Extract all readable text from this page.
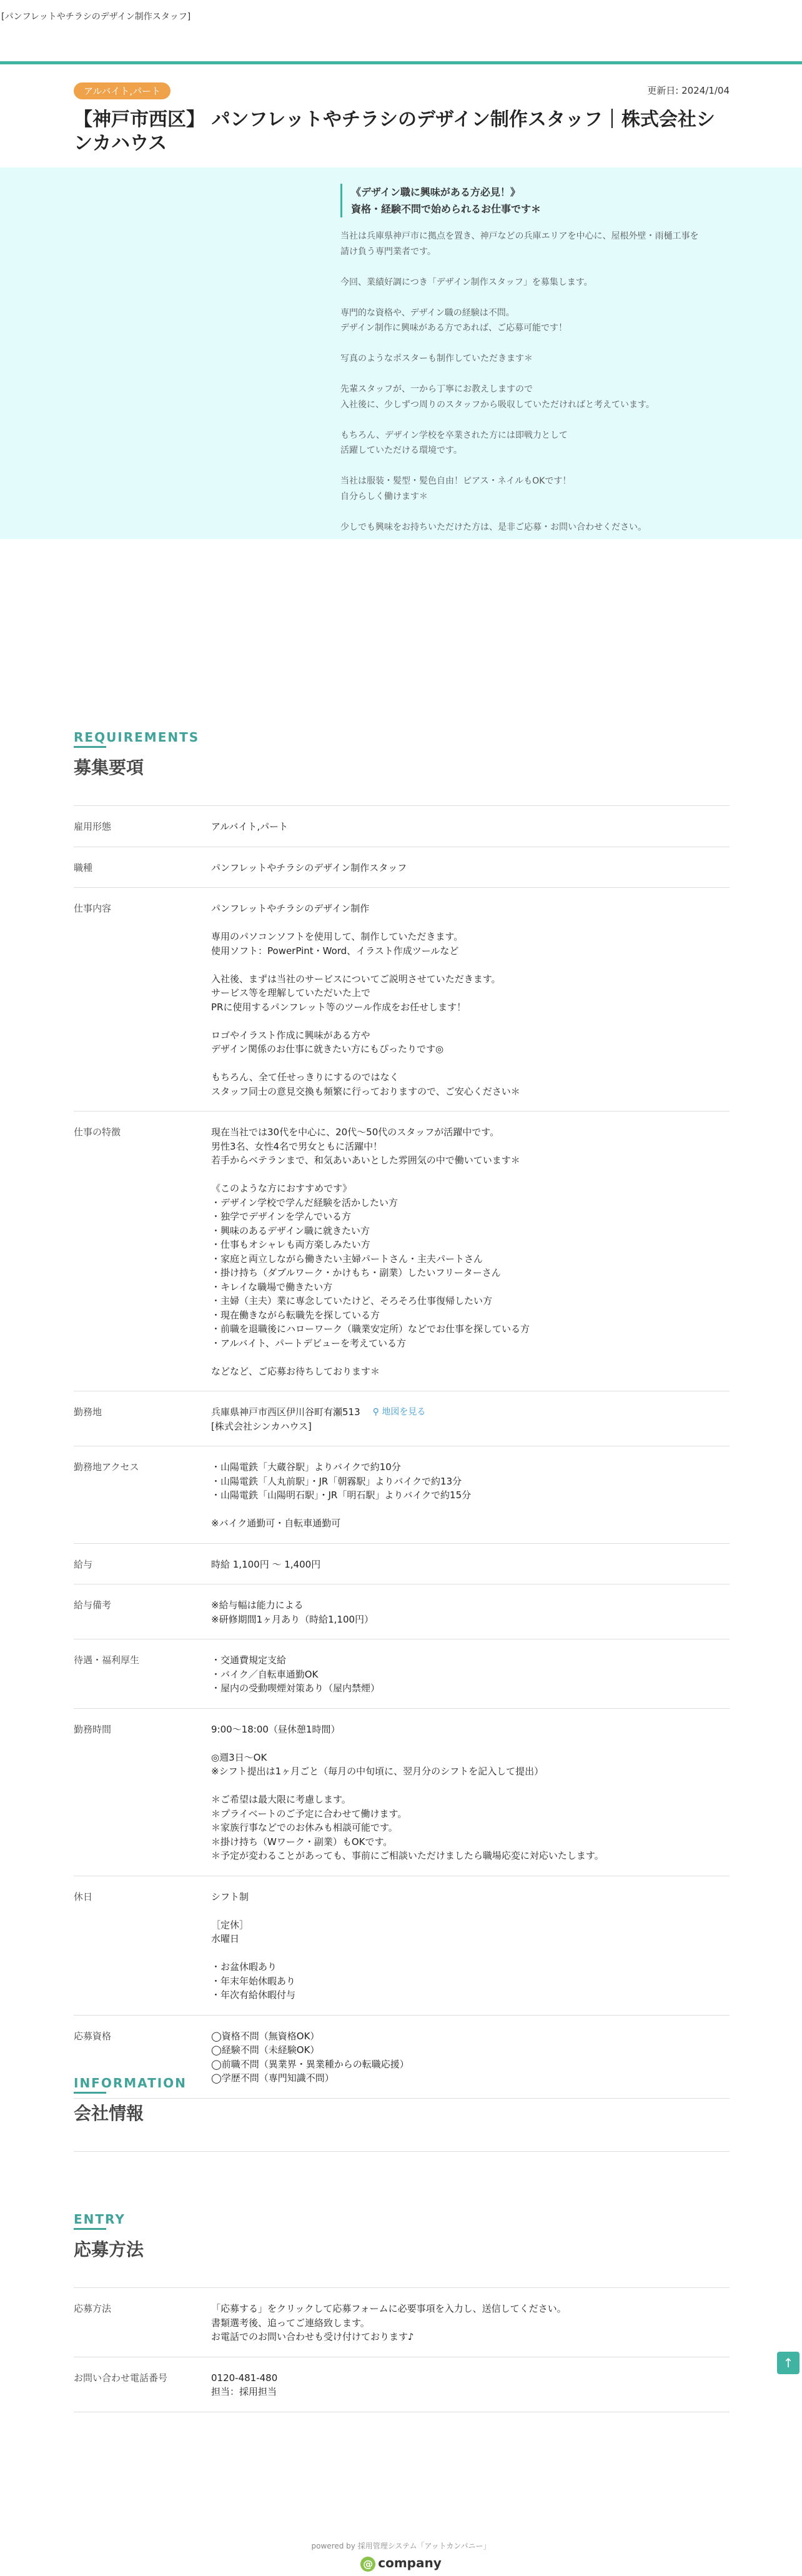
[パンフレットやチラシのデザイン制作スタッフ]
アルバイト,パート	更新日: 2024/1/04
【神戸市西区】 パンフレットやチラシのデザイン制作スタッフ｜株式会社シンカハウス
《デザイン職に興味がある方必見！》
資格・経験不問で始められるお仕事です＊
当社は兵庫県神戸市に拠点を置き、神戸などの兵庫エリアを中心に、屋根外壁・雨樋工事を
請け負う専門業者です。

今回、業績好調につき「デザイン制作スタッフ」を募集します。

専門的な資格や、デザイン職の経験は不問。
デザイン制作に興味がある方であれば、ご応募可能です！

写真のようなポスターも制作していただきます＊

先輩スタッフが、一から丁寧にお教えしますので
入社後に、少しずつ周りのスタッフから吸収していただければと考えています。

もちろん、デザイン学校を卒業された方には即戦力として
活躍していただける環境です。

当社は服装・髪型・髪色自由！ピアス・ネイルもOKです！
自分らしく働けます＊

少しでも興味をお持ちいただけた方は、是非ご応募・お問い合わせください。
REQUIREMENTS
募集要項
雇用形態	アルバイト,パート
職種	パンフレットやチラシのデザイン制作スタッフ
仕事内容	パンフレットやチラシのデザイン制作

専用のパソコンソフトを使用して、制作していただきます。
使用ソフト：PowerPint・Word、イラスト作成ツールなど

入社後、まずは当社のサービスについてご説明させていただきます。
サービス等を理解していただいた上で
PRに使用するパンフレット等のツール作成をお任せします！

ロゴやイラスト作成に興味がある方や
デザイン関係のお仕事に就きたい方にもぴったりです◎

もちろん、全て任せっきりにするのではなく
スタッフ同士の意見交換も頻繁に行っておりますので、ご安心ください＊
仕事の特徴	現在当社では30代を中心に、20代〜50代のスタッフが活躍中です。
男性3名、女性4名で男女ともに活躍中！
若手からベテランまで、和気あいあいとした雰囲気の中で働いています＊

《このような方におすすめです》
・デザイン学校で学んだ経験を活かしたい方
・独学でデザインを学んでいる方
・興味のあるデザイン職に就きたい方
・仕事もオシャレも両方楽しみたい方
・家庭と両立しながら働きたい主婦パートさん・主夫パートさん
・掛け持ち（ダブルワーク・かけもち・副業）したいフリーターさん
・キレイな職場で働きたい方
・主婦（主夫）業に専念していたけど、そろそろ仕事復帰したい方
・現在働きながら転職先を探している方
・前職を退職後にハローワーク（職業安定所）などでお仕事を探している方
・アルバイト、パートデビューを考えている方

などなど、ご応募お待ちしております＊
勤務地	兵庫県神戸市西区伊川谷町有瀬513
[株式会社シンカハウス]
⚲ 地図を見る
勤務地アクセス	・山陽電鉄「大蔵谷駅」よりバイクで約10分
・山陽電鉄「人丸前駅」・JR「朝霧駅」よりバイクで約13分
・山陽電鉄「山陽明石駅」・JR「明石駅」よりバイクで約15分

※バイク通勤可・自転車通勤可
給与	時給 1,100円 〜 1,400円
給与備考	※給与幅は能力による
※研修期間1ヶ月あり（時給1,100円）
待遇・福利厚生	・交通費規定支給
・バイク／自転車通勤OK
・屋内の受動喫煙対策あり（屋内禁煙）
勤務時間	9:00〜18:00（昼休憩1時間）

◎週3日〜OK
※シフト提出は1ヶ月ごと（毎月の中旬頃に、翌月分のシフトを記入して提出）

＊ご希望は最大限に考慮します。
＊プライベートのご予定に合わせて働けます。
＊家族行事などでのお休みも相談可能です。
＊掛け持ち（Wワーク・副業）もOKです。
＊予定が変わることがあっても、事前にご相談いただけましたら職場応変に対応いたします。
休日	シフト制

［定休］
水曜日

・お盆休暇あり
・年末年始休暇あり
・年次有給休暇付与
応募資格	◯資格不問（無資格OK）
◯経験不問（未経験OK）
◯前職不問（異業界・異業種からの転職応援）
◯学歴不問（専門知識不問）
INFORMATION
会社情報
ENTRY
応募方法
応募方法	「応募する」をクリックして応募フォームに必要事項を入力し、送信してください。
書類選考後、追ってご連絡致します。
お電話でのお問い合わせも受け付けております♪
お問い合わせ電話番号	0120-481-480
担当：採用担当
↑
powered by 採用管理システム「アットカンパニー」
@ company
